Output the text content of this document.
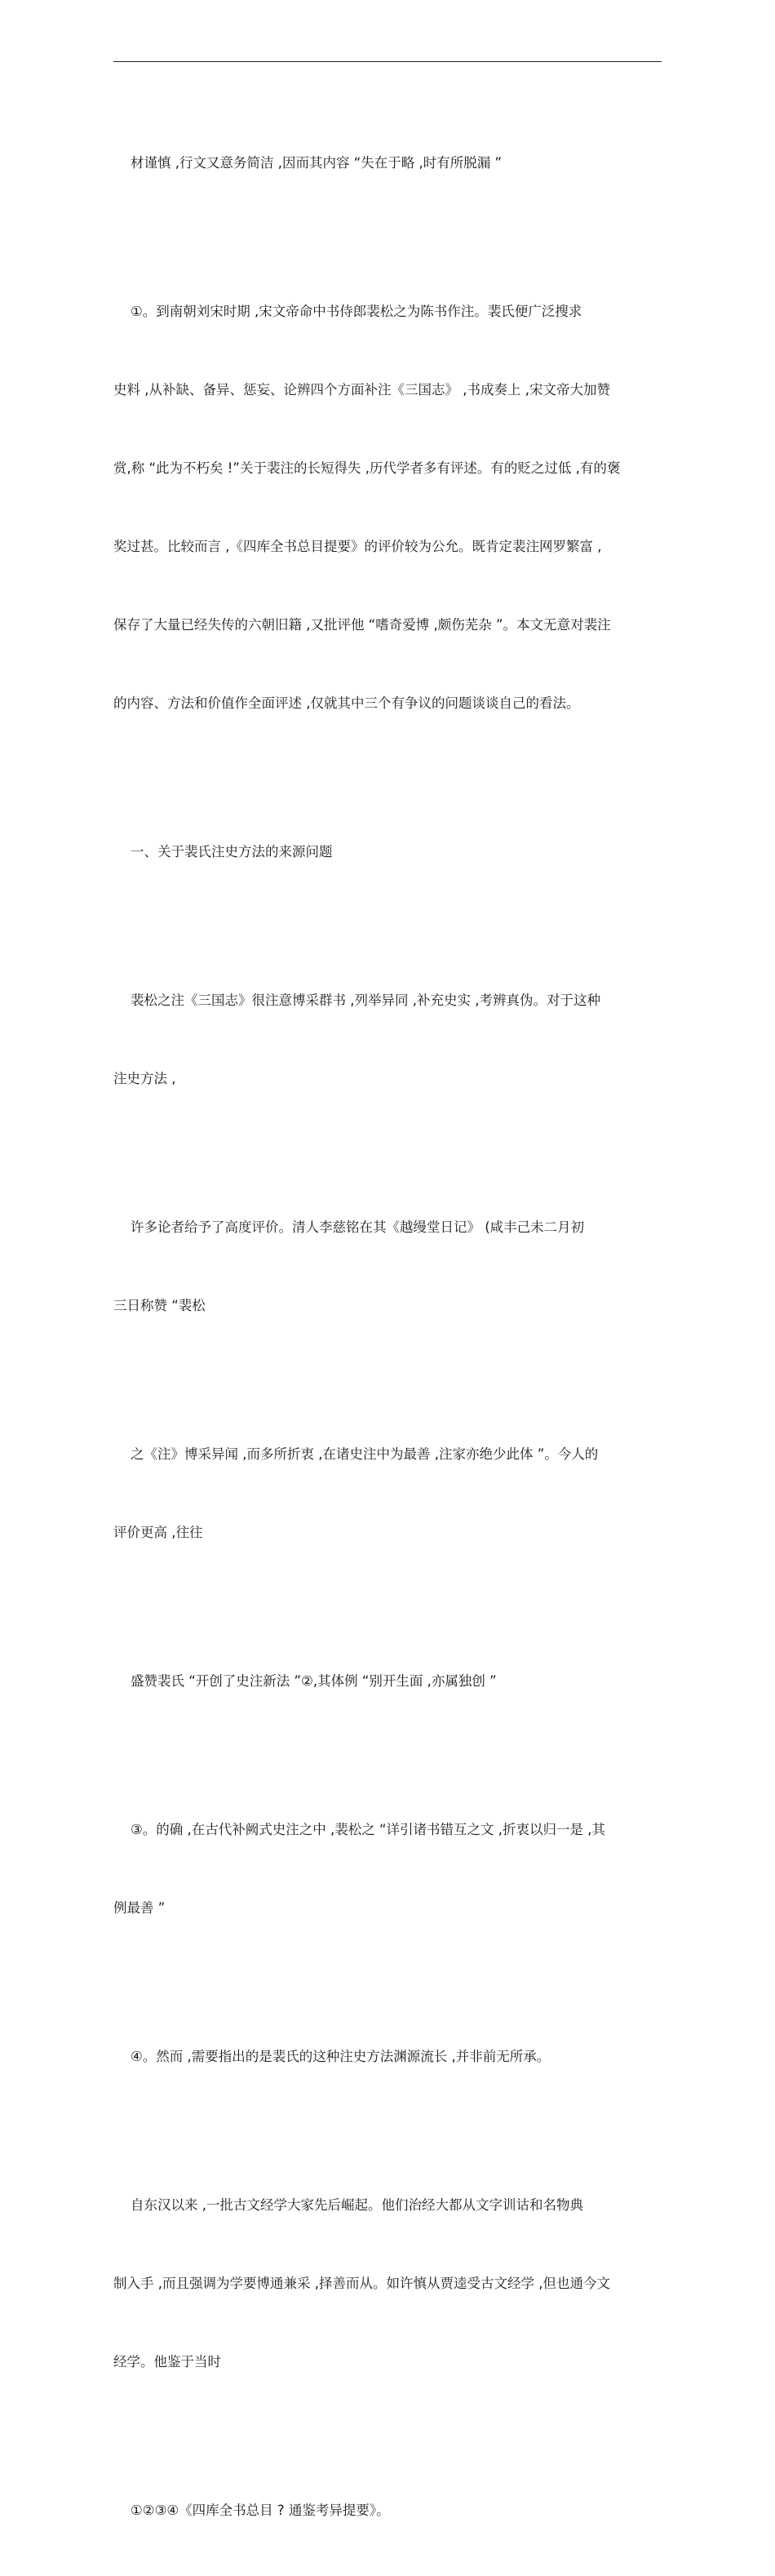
材谨慎 ,行文又意务简洁 ,因而其内容 “失在于略 ,时有所脱漏 ”

①。到南朝刘宋时期 ,宋文帝命中书侍郎裴松之为陈书作注。裴氏便广泛搜求

史料 ,从补缺、备异、惩妄、论辨四个方面补注《三国志》 ,书成奏上 ,宋文帝大加赞

赏,称 “此为不朽矣 !”关于裴注的长短得失 ,历代学者多有评述。有的贬之过低 ,有的褒

奖过甚。比较而言 ,《四库全书总目提要》的评价较为公允。既肯定裴注网罗繁富 ,

保存了大量已经失传的六朝旧籍 ,又批评他 “嗜奇爱博 ,颇伤芜杂 ”。本文无意对裴注

的内容、方法和价值作全面评述 ,仅就其中三个有争议的问题谈谈自己的看法。

一、关于裴氏注史方法的来源问题

裴松之注《三国志》很注意博采群书 ,列举异同 ,补充史实 ,考辨真伪。对于这种

注史方法 ,

许多论者给予了高度评价。清人李慈铭在其《越缦堂日记》 (咸丰己未二月初

三日称赞 “裴松

之《注》博采异闻 ,而多所折衷 ,在诸史注中为最善 ,注家亦绝少此体 ”。今人的

评价更高 ,往往

盛赞裴氏 “开创了史注新法 ”②,其体例 “别开生面 ,亦属独创 ”

③。的确 ,在古代补阙式史注之中 ,裴松之 “详引诸书错互之文 ,折衷以归一是 ,其

例最善 ”

④。然而 ,需要指出的是裴氏的这种注史方法渊源流长 ,并非前无所承。

自东汉以来 ,一批古文经学大家先后崛起。他们治经大都从文字训诂和名物典

制入手 ,而且强调为学要博通兼采 ,择善而从。如许慎从贾逵受古文经学 ,但也通今文

经学。他鉴于当时

①②③④《四库全书总目 ? 通鉴考异提要》。
